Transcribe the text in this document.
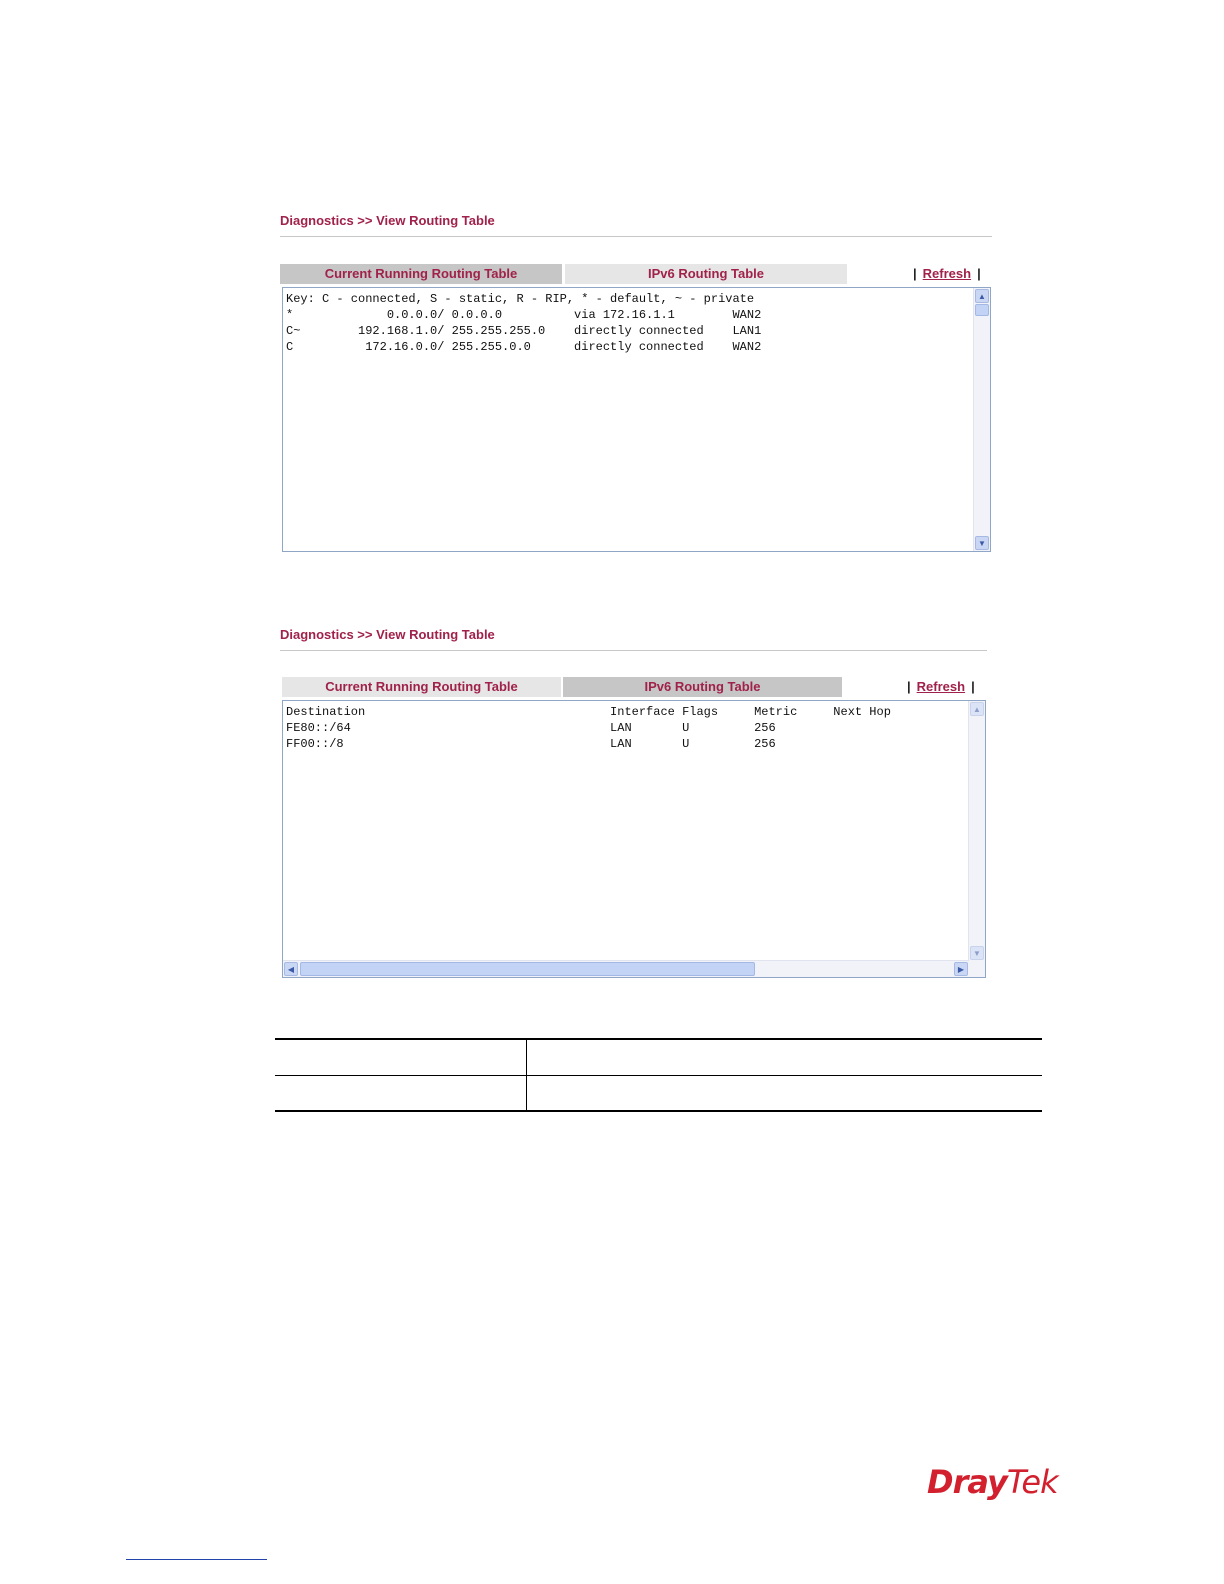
Diagnostics >> View Routing Table
Current Running Routing Table	IPv6 Routing Table	| Refresh |
Key: C - connected, S - static, R - RIP, * - default, ~ - private
*             0.0.0.0/ 0.0.0.0          via 172.16.1.1        WAN2
C~        192.168.1.0/ 255.255.255.0    directly connected    LAN1
C          172.16.0.0/ 255.255.0.0      directly connected    WAN2
▲
▼
Diagnostics >> View Routing Table
Current Running Routing Table	IPv6 Routing Table	| Refresh |
Destination                                  Interface Flags     Metric     Next Hop
FE80::/64                                    LAN       U         256
FF00::/8                                     LAN       U         256
▲
▼
◀	▶
DrayTek
